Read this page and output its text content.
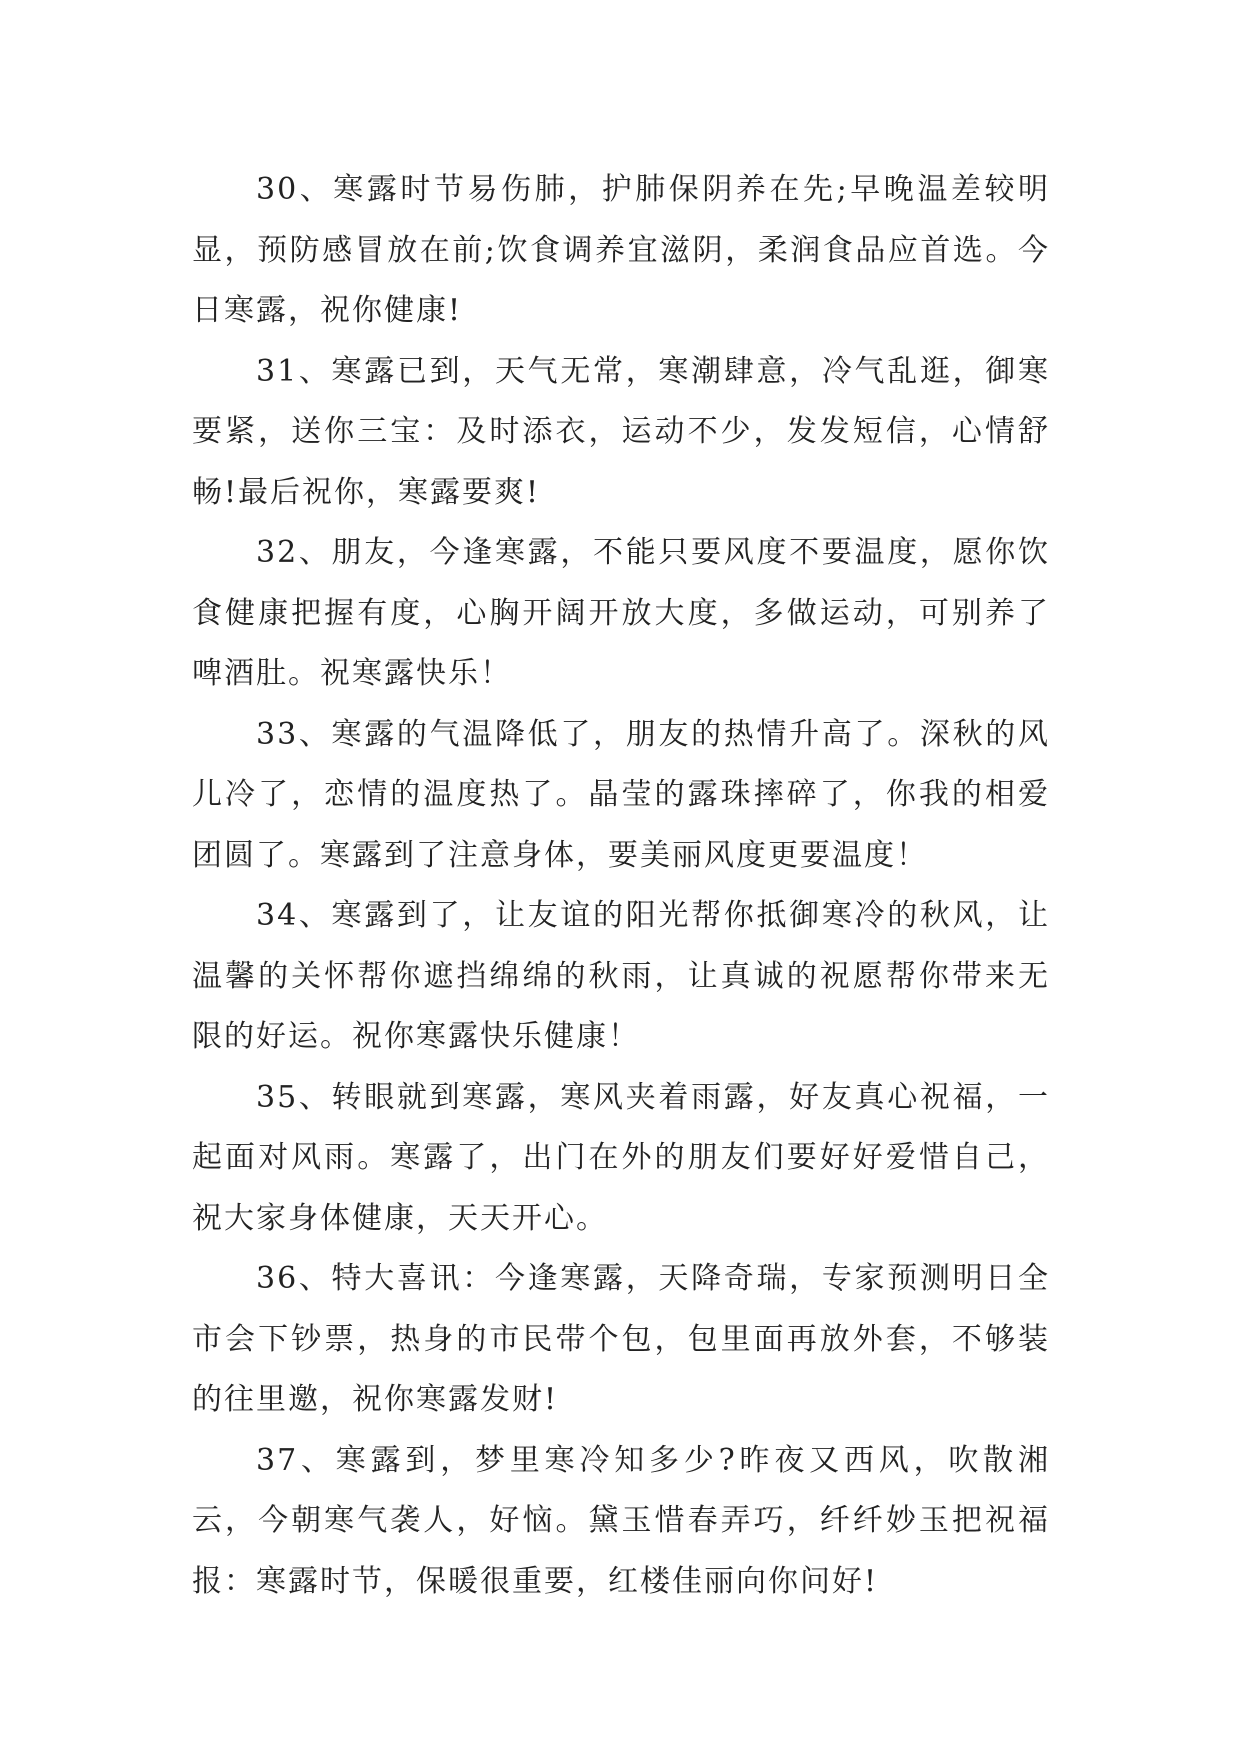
30、寒露时节易伤肺，护肺保阴养在先;早晚温差较明显，预防感冒放在前;饮食调养宜滋阴，柔润食品应首选。今日寒露，祝你健康!

31、寒露已到，天气无常，寒潮肆意，冷气乱逛，御寒要紧，送你三宝：及时添衣，运动不少，发发短信，心情舒畅!最后祝你，寒露要爽!

32、朋友，今逢寒露，不能只要风度不要温度，愿你饮食健康把握有度，心胸开阔开放大度，多做运动，可别养了啤酒肚。祝寒露快乐！

33、寒露的气温降低了，朋友的热情升高了。深秋的风儿冷了，恋情的温度热了。晶莹的露珠摔碎了，你我的相爱团圆了。寒露到了注意身体，要美丽风度更要温度！

34、寒露到了，让友谊的阳光帮你抵御寒冷的秋风，让温馨的关怀帮你遮挡绵绵的秋雨，让真诚的祝愿帮你带来无限的好运。祝你寒露快乐健康！

35、转眼就到寒露，寒风夹着雨露，好友真心祝福，一起面对风雨。寒露了，出门在外的朋友们要好好爱惜自己，祝大家身体健康，天天开心。

36、特大喜讯：今逢寒露，天降奇瑞，专家预测明日全市会下钞票，热身的市民带个包，包里面再放外套，不够装的往里邀，祝你寒露发财!

37、寒露到，梦里寒冷知多少?昨夜又西风，吹散湘云，今朝寒气袭人，好恼。黛玉惜春弄巧，纤纤妙玉把祝福报：寒露时节，保暖很重要，红楼佳丽向你问好!
